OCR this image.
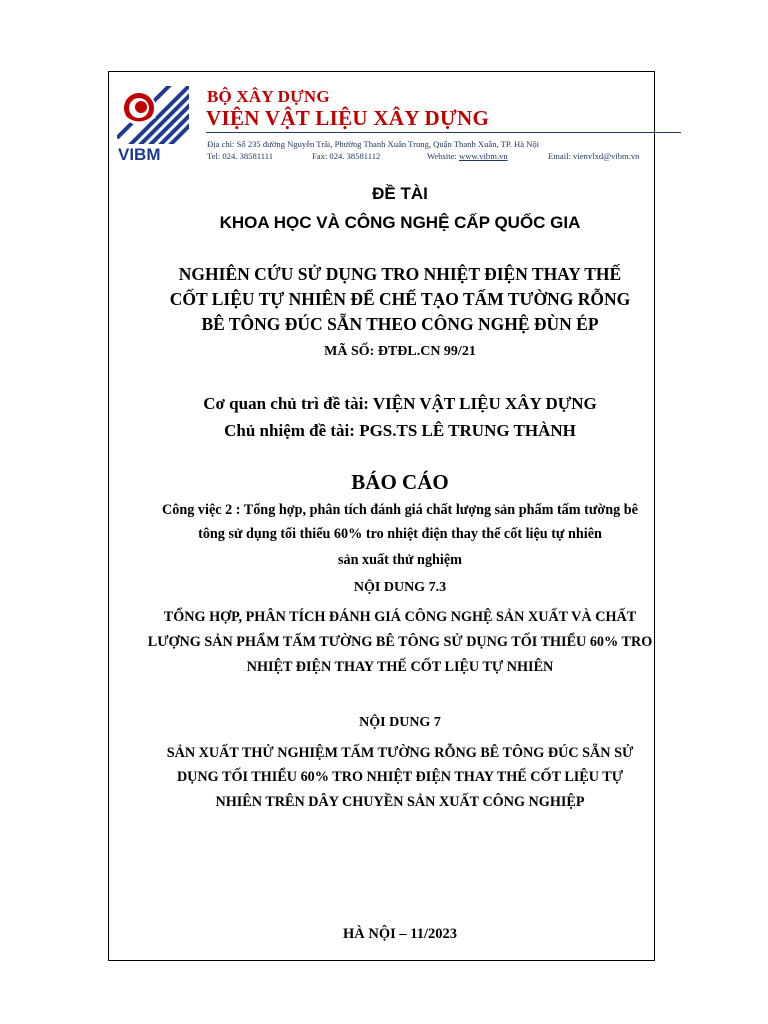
VIBM
BỘ XÂY DỰNG
VIỆN VẬT LIỆU XÂY DỰNG
Địa chỉ: Số 235 đường Nguyễn Trãi, Phường Thanh Xuân Trung, Quận Thanh Xuân, TP. Hà Nội
Tel: 024. 38581111	Fax: 024. 38581112	Website: www.vibm.vn	Email: vienvlxd@vibm.vn
ĐỀ TÀI
KHOA HỌC VÀ CÔNG NGHỆ CẤP QUỐC GIA
NGHIÊN CỨU SỬ DỤNG TRO NHIỆT ĐIỆN THAY THẾ
CỐT LIỆU TỰ NHIÊN ĐỂ CHẾ TẠO TẤM TƯỜNG RỖNG
BÊ TÔNG ĐÚC SẴN THEO CÔNG NGHỆ ĐÙN ÉP
MÃ SỐ: ĐTĐL.CN 99/21
Cơ quan chủ trì đề tài: VIỆN VẬT LIỆU XÂY DỰNG
Chủ nhiệm đề tài: PGS.TS LÊ TRUNG THÀNH
BÁO CÁO
Công việc 2 : Tổng hợp, phân tích đánh giá chất lượng sản phẩm tấm tường bê
tông sử dụng tối thiểu 60% tro nhiệt điện thay thế cốt liệu tự nhiên
sản xuất thử nghiệm
NỘI DUNG 7.3
TỔNG HỢP, PHÂN TÍCH ĐÁNH GIÁ CÔNG NGHỆ SẢN XUẤT VÀ CHẤT
LƯỢNG SẢN PHẨM TẤM TƯỜNG BÊ TÔNG SỬ DỤNG TỐI THIỂU 60% TRO
NHIỆT ĐIỆN THAY THẾ CỐT LIỆU TỰ NHIÊN
NỘI DUNG 7
SẢN XUẤT THỬ NGHIỆM TẤM TƯỜNG RỖNG BÊ TÔNG ĐÚC SẴN SỬ
DỤNG TỐI THIỂU 60% TRO NHIỆT ĐIỆN THAY THẾ CỐT LIỆU TỰ
NHIÊN TRÊN DÂY CHUYỀN SẢN XUẤT CÔNG NGHIỆP
HÀ NỘI – 11/2023
